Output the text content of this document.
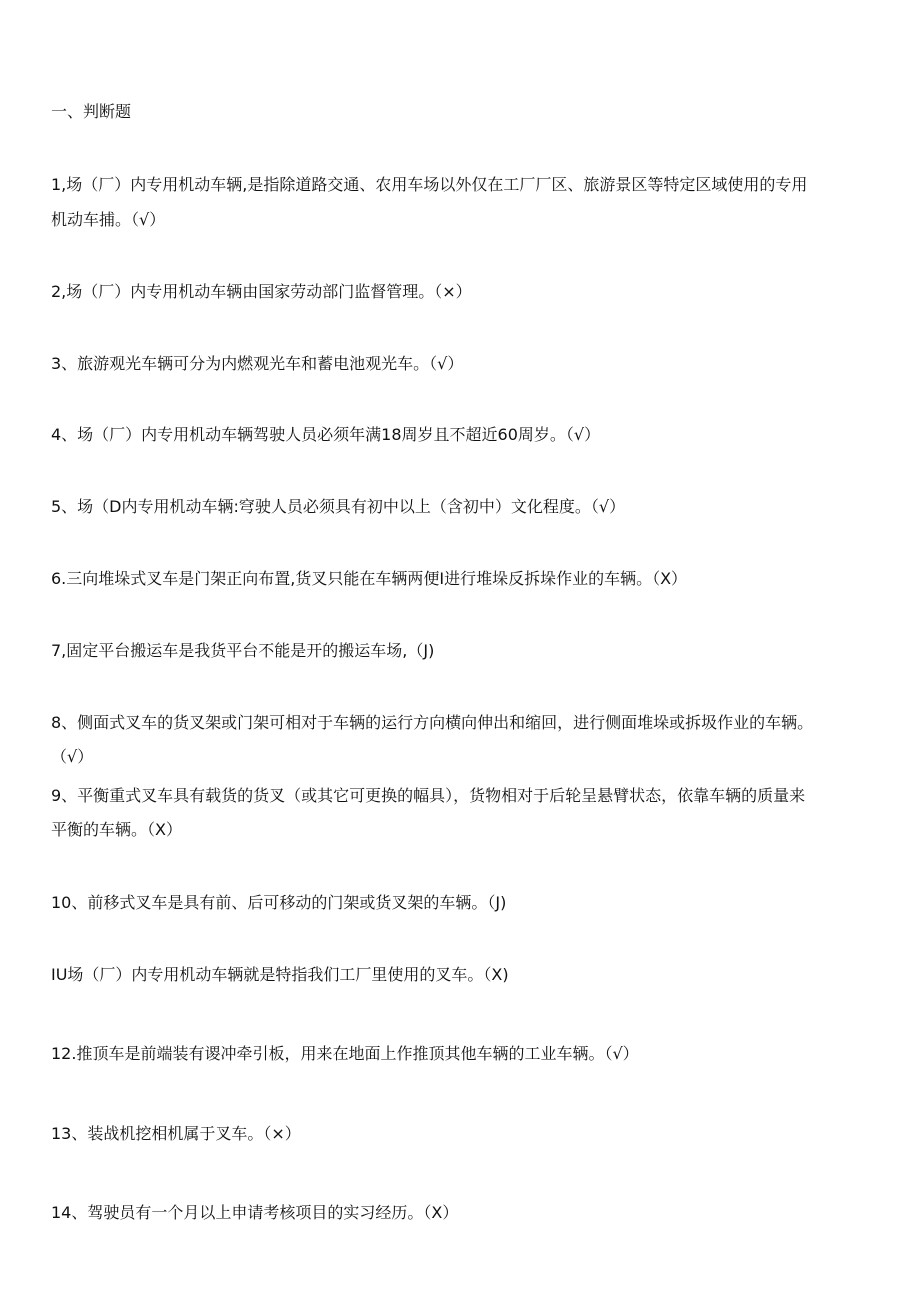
一、判断题
1,场（厂）内专用机动车辆,是指除道路交通、农用车场以外仅在工厂厂区、旅游景区等特定区域使用的专用
机动车捕。（√）
2,场（厂）内专用机动车辆由国家劳动部门监督管理。（×）
3、旅游观光车辆可分为内燃观光车和蓄电池观光车。（√）
4、场（厂）内专用机动车辆驾驶人员必须年满18周岁且不超近60周岁。（√）
5、场（D内专用机动车辆:穹驶人员必须具有初中以上（含初中）文化程度。（√）
6.三向堆垛式叉车是门架正向布置,货叉只能在车辆两便I进行堆垛反拆垛作业的车辆。（X）
7,固定平台搬运车是我货平台不能是开的搬运车场,（J)
8、侧面式叉车的货叉架或门架可相对于车辆的运行方向横向伸出和缩回，进行侧面堆垛或拆圾作业的车辆。
（√）
9、平衡重式叉车具有载货的货叉（或其它可更换的幅具），货物相对于后轮呈悬臂状态，依靠车辆的质量来
平衡的车辆。（X）
10、前移式叉车是具有前、后可移动的门架或货叉架的车辆。（J)
IU场（厂）内专用机动车辆就是特指我们工厂里使用的叉车。（X)
12.推顶车是前端装有谡冲牵引板，用来在地面上作推顶其他车辆的工业车辆。（√）
13、装战机挖相机属于叉车。（×）
14、驾驶员有一个月以上申请考核项目的实习经历。（X）
